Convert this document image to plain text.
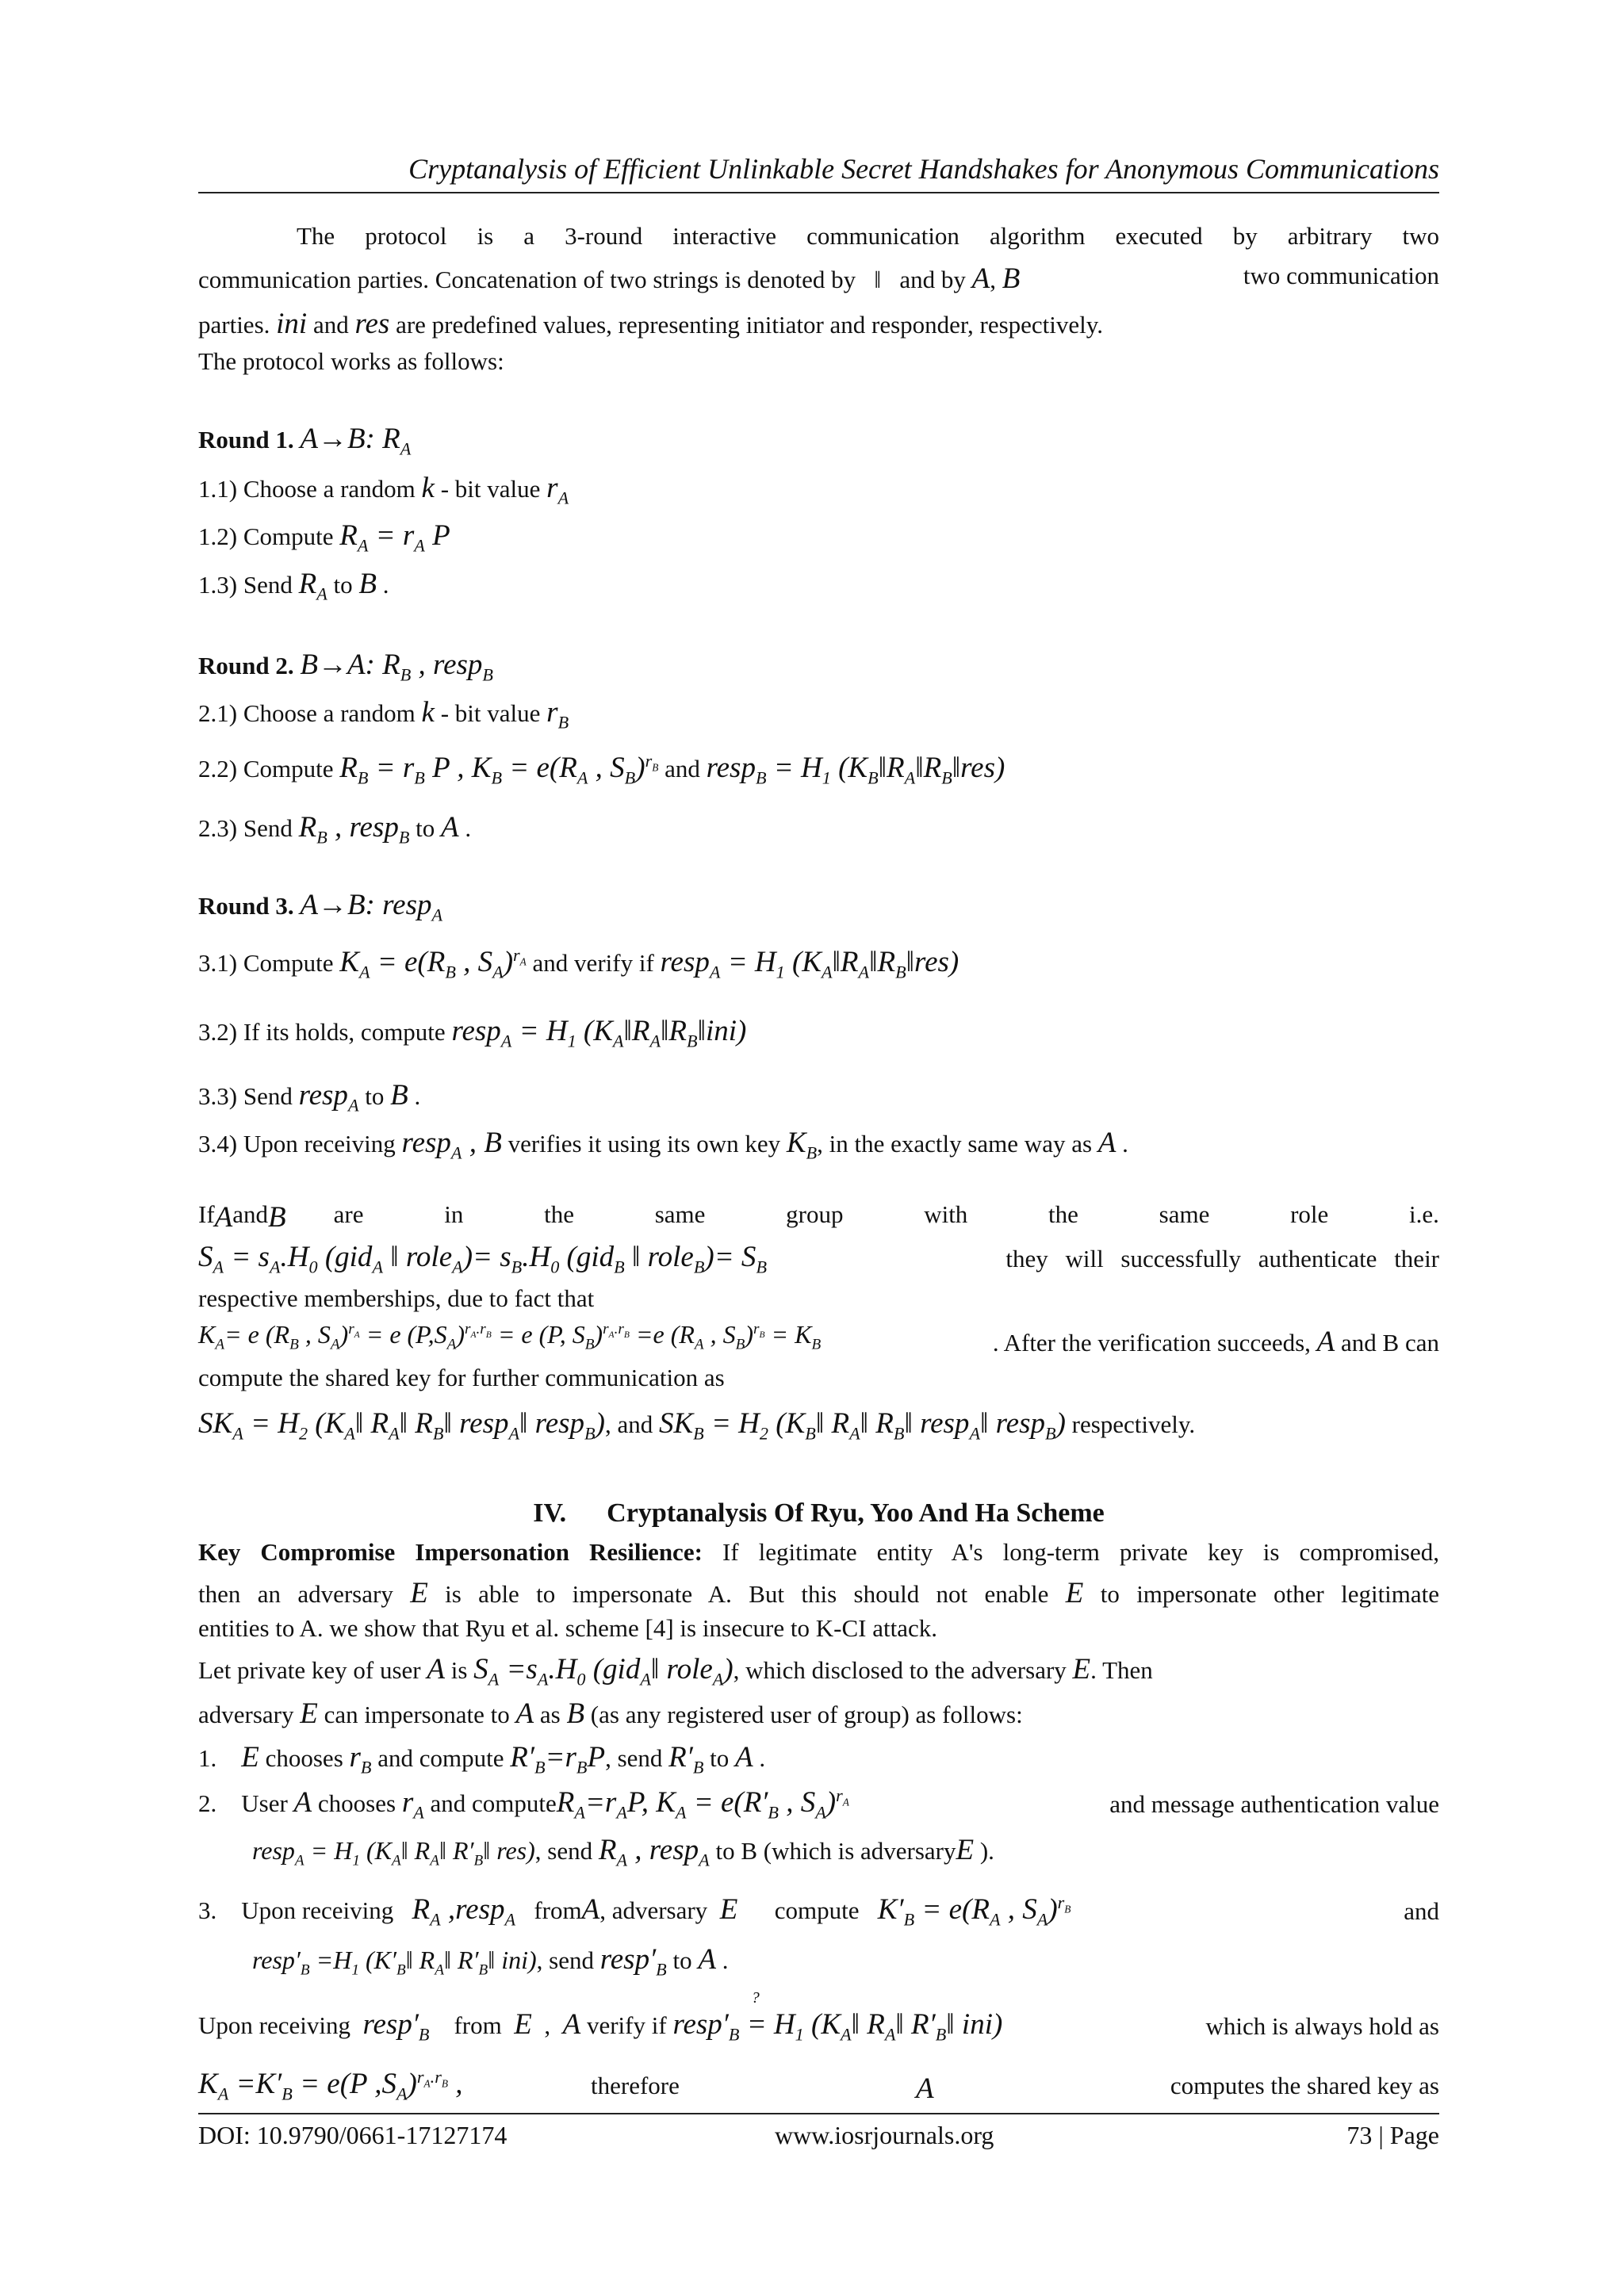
Cryptanalysis of Efficient Unlinkable Secret Handshakes for Anonymous Communications
The protocol is a 3-round interactive communication algorithm executed by arbitrary two
communication parties. Concatenation of two strings is denoted by ‖ and by A, B	two communication
parties. ini and res are predefined values, representing initiator and responder, respectively.
The protocol works as follows:
Round 1. A→B: $R_A$
1.1) Choose a random k - bit value $r_A$
1.2) Compute $R_A = r_A$ P
1.3) Send $R_A$ to B .
Round 2. B→A: $R_B$ , resp$_B$
2.1) Choose a random k - bit value $r_B$
2.2) Compute $R_B = r_B$ P , $K_B = e(R_A$ , $S_B)^{r_B}$ and resp$_B$ = $H_1$ $(K_B‖R_A‖R_B‖res)$
2.3) Send $R_B$ , resp$_B$ to A .
Round 3. A→B: resp$_A$
3.1) Compute $K_A = e(R_B$ , $S_A)^{r_A}$ and verify if resp$_A$ = $H_1$ $(K_A‖R_A‖R_B‖res)$
3.2) If its holds, compute resp$_A$ = $H_1$ $(K_A‖R_A‖R_B‖ini)$
3.3) Send resp$_A$ to B .
3.4) Upon receiving resp$_A$ , B verifies it using its own key $K_B$, in the exactly same way as A .
If A and B are	in	the	same	group	with	the	same	role	i.e.
$S_A = s_A.H_0$ (gid$_A$ ‖ role$_A$)= $s_B.H_0$ (gid$_B$ ‖ role$_B$)= $S_B$	they will successfully authenticate their
respective memberships, due to fact that
$K_A= e$ ($R_B$ , $S_A)^{r_A} = e$ $(P,S_A)^{r_A.r_B} = e$ (P, $S_B)^{r_A.r_B} =e$ ($R_A$ , $S_B)^{r_B} = K_B$	. After the verification succeeds, A and B can
compute the shared key for further communication as
$SK_A = H_2$ ($K_A‖$ $R_A‖$ $R_B‖$ resp$_A$‖ resp$_B$), and $SK_B = H_2$ ($K_B‖$ $R_A‖$ $R_B‖$ resp$_A$‖ resp$_B$) respectively.
IV. Cryptanalysis Of Ryu, Yoo And Ha Scheme
Key Compromise Impersonation Resilience: If legitimate entity A's long-term private key is compromised,
then an adversary E is able to impersonate A. But this should not enable E to impersonate other legitimate
entities to A. we show that Ryu et al. scheme [4] is insecure to K-CI attack.
Let private key of user A is $S_A =s_A.H_0$ (gid$_A$‖ role$_A$), which disclosed to the adversary E. Then
adversary E can impersonate to A as B (as any registered user of group) as follows:
1. E chooses $r_B$ and compute $R'_B=r_BP$, send $R'_B$ to A .
2. User A chooses $r_A$ and $computeR_A=r_AP$, $K_A = e(R'_B$ , $S_A)^{r_A}$	and message authentication value
resp$_A$ = $H_1$ ($K_A‖$ $R_A‖$ $R'_B‖$ res), send $R_A$ , resp$_A$ to B (which is adversaryE ).
3. Upon receiving $R_A$ ,resp$_A$ fromA, adversary E compute $K'_B = e(R_A$ , $S_A)^{r_B}$	and
$resp'_B =H_1$ ($K'_B‖$ $R_A‖$ $R'_B‖$ ini), send $resp'_B$ to A .
Upon receiving $resp'_B$ from E , A verify if $resp'_B$
?
= $H_1$ ($K_A‖$ $R_A‖$ $R'_B‖$ ini)	which is always hold as
$K_A =K'_B = e(P$ $,S_A)^{r_A.r_B}$ ,	therefore	A	computes the shared key as
DOI: 10.9790/0661-17127174	www.iosrjournals.org	73 | Page
